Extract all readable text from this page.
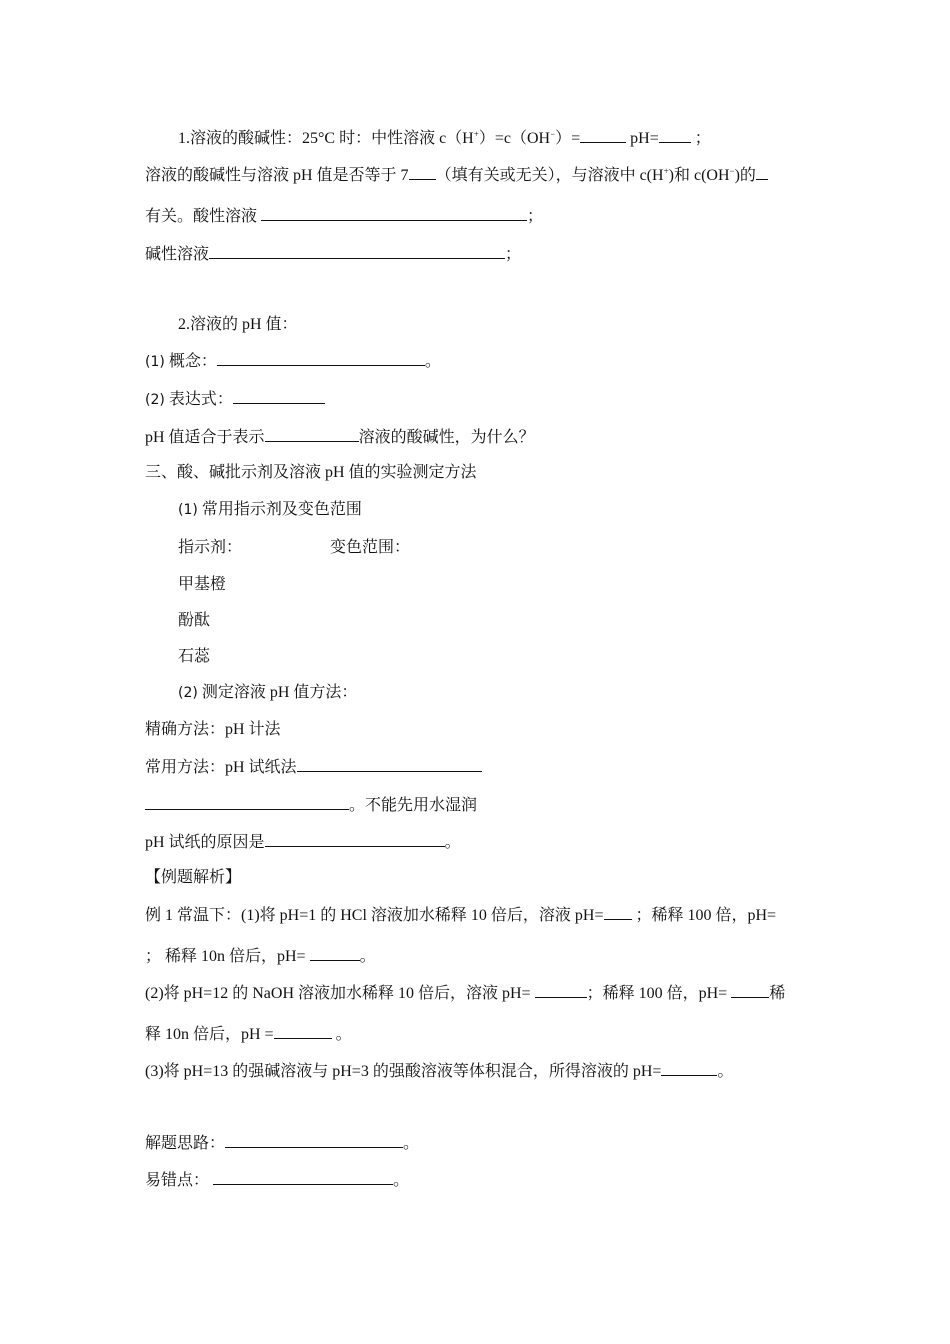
1.溶液的酸碱性：25°C 时：中性溶液 c（H+）=c（OH−）=	pH= ；
溶液的酸碱性与溶液 pH 值是否等于 7 （填有关或无关），与溶液中 c(H+)和 c(OH−)的
有关。酸性溶液	；
碱性溶液	；
2.溶液的 pH 值：
(1) 概念：	。
(2) 表达式：
pH 值适合于表示	溶液的酸碱性，为什么？
三、酸、碱批示剂及溶液 pH 值的实验测定方法
(1) 常用指示剂及变色范围
指示剂：	变色范围：
甲基橙
酚酞
石蕊
(2) 测定溶液 pH 值方法：
精确方法：pH 计法
常用方法：pH 试纸法
。不能先用水湿润
pH 试纸的原因是	。
【例题解析】
例 1 常温下：(1)将 pH=1 的 HCl 溶液加水稀释 10 倍后，溶液 pH= ；稀释 100 倍，pH=
； 稀释 10n 倍后，pH=	。
(2)将 pH=12 的 NaOH 溶液加水稀释 10 倍后，溶液 pH=	；稀释 100 倍，pH= 稀
释 10n 倍后，pH =	。
(3)将 pH=13 的强碱溶液与 pH=3 的强酸溶液等体积混合，所得溶液的 pH=	。
解题思路：	。
易错点：	。
